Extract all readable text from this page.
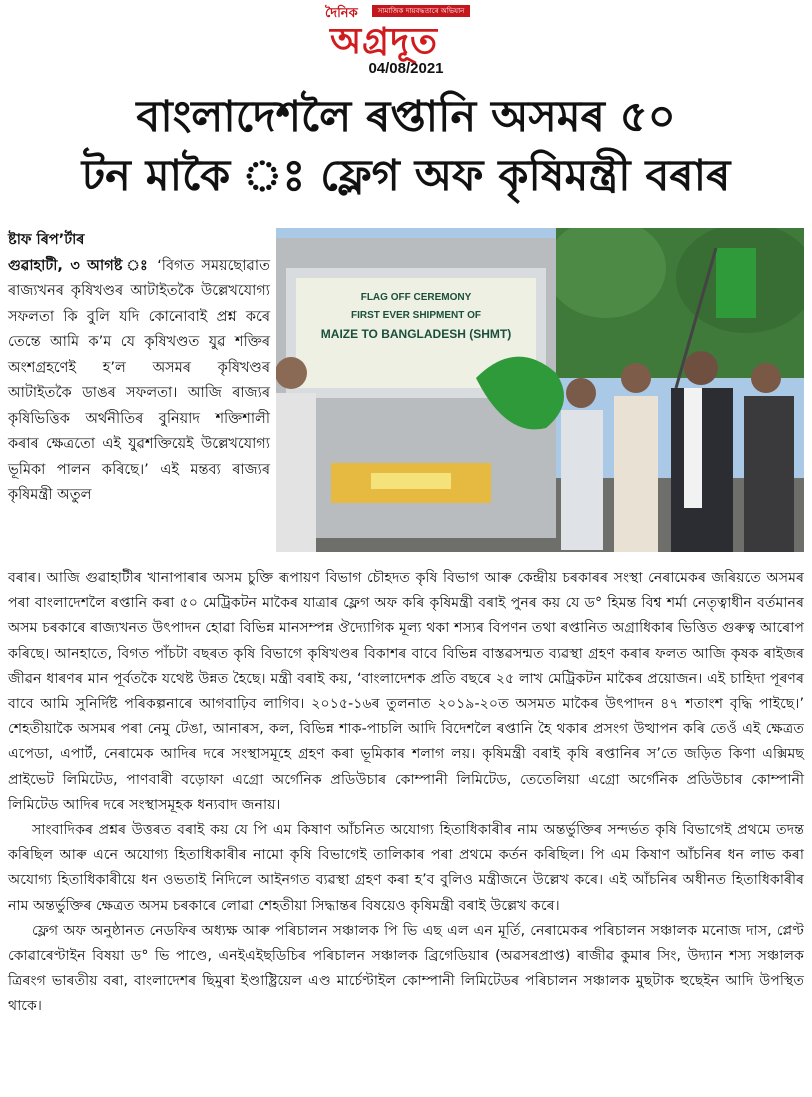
দৈনিক	সামাজিক দায়বদ্ধতাৰে অভিযান
অগ্ৰদূত
04/08/2021
বাংলাদেশলৈ ৰপ্তানি অসমৰ ৫০
টন মাকৈ ঃ ফ্লেগ অফ কৃষিমন্ত্ৰী বৰাৰ
ষ্টাফ ৰিপ’ৰ্টাৰ
গুৱাহাটী, ৩ আগষ্ট ঃ ‘বিগত সময়ছোৱাত ৰাজ্যখনৰ কৃষিখণ্ডৰ আটাইতকৈ উল্লেখযোগ্য সফলতা কি বুলি যদি কোনোবাই প্ৰশ্ন কৰে তেন্তে আমি ক’ম যে কৃষিখণ্ডত যুৱ শক্তিৰ অংশগ্ৰহণেই হ’ল অসমৰ কৃষিখণ্ডৰ আটাইতকৈ ডাঙৰ সফলতা। আজি ৰাজ্যৰ কৃষিভিত্তিক অৰ্থনীতিৰ বুনিয়াদ শক্তিশালী কৰাৰ ক্ষেত্ৰতো এই যুৱশক্তিয়েই উল্লেখযোগ্য ভূমিকা পালন কৰিছে।’ এই মন্তব্য ৰাজ্যৰ কৃষিমন্ত্ৰী অতুল
FLAG OFF CEREMONY
FIRST EVER SHIPMENT OF
MAIZE TO BANGLADESH (SHMT)

বৰাৰ। আজি গুৱাহাটীৰ খানাপাৰাৰ অসম চুক্তি ৰূপায়ণ বিভাগ চৌহদত কৃষি বিভাগ আৰু কেন্দ্ৰীয় চৰকাৰৰ সংস্থা নেৰামেকৰ জৰিয়তে অসমৰ পৰা বাংলাদেশলৈ ৰপ্তানি কৰা ৫০ মেট্ৰিকটন মাকৈৰ যাত্ৰাৰ ফ্লেগ অফ কৰি কৃষিমন্ত্ৰী বৰাই পুনৰ কয় যে ড° হিমন্ত বিশ্ব শৰ্মা নেতৃত্বাধীন বৰ্তমানৰ অসম চৰকাৰে ৰাজ্যখনত উৎপাদন হোৱা বিভিন্ন মানসম্পন্ন ঔদ্যোগিক মূল্য থকা শস্যৰ বিপণন তথা ৰপ্তানিত অগ্ৰাধিকাৰ ভিত্তিত গুৰুত্ব আৰোপ কৰিছে। আনহাতে, বিগত পাঁচটা বছৰত কৃষি বিভাগে কৃষিখণ্ডৰ বিকাশৰ বাবে বিভিন্ন বাস্তৱসন্মত ব্যৱস্থা গ্ৰহণ কৰাৰ ফলত আজি কৃষক ৰাইজৰ জীৱন ধাৰণৰ মান পূৰ্বতকৈ যথেষ্ট উন্নত হৈছে। মন্ত্ৰী বৰাই কয়, ‘বাংলাদেশক প্ৰতি বছৰে ২৫ লাখ মেট্ৰিকটন মাকৈৰ প্ৰয়োজন। এই চাহিদা পূৰণৰ বাবে আমি সুনিৰ্দিষ্ট পৰিকল্পনাৰে আগবাঢ়িব লাগিব। ২০১৫-১৬ৰ তুলনাত ২০১৯-২০ত অসমত মাকৈৰ উৎপাদন ৪৭ শতাংশ বৃদ্ধি পাইছে।’ শেহতীয়াকৈ অসমৰ পৰা নেমু টেঙা, আনাৰস, কল, বিভিন্ন শাক-পাচলি আদি বিদেশলৈ ৰপ্তানি হৈ থকাৰ প্ৰসংগ উত্থাপন কৰি তেওঁ এই ক্ষেত্ৰত এপেডা, এপাৰ্ট, নেৰামেক আদিৰ দৰে সংস্থাসমূহে গ্ৰহণ কৰা ভূমিকাৰ শলাগ লয়। কৃষিমন্ত্ৰী বৰাই কৃষি ৰপ্তানিৰ স’তে জড়িত কিণা এক্সিমছ প্ৰাইভেট লিমিটেড, পাণবাৰী বড়োফা এগ্ৰো অৰ্গেনিক প্ৰডিউচাৰ কোম্পানী লিমিটেড, তেতেলিয়া এগ্ৰো অৰ্গেনিক প্ৰডিউচাৰ কোম্পানী লিমিটেড আদিৰ দৰে সংস্থাসমূহক ধন্যবাদ জনায়।

সাংবাদিকৰ প্ৰশ্নৰ উত্তৰত বৰাই কয় যে পি এম কিষাণ আঁচনিত অযোগ্য হিতাধিকাৰীৰ নাম অন্তৰ্ভুক্তিৰ সন্দৰ্ভত কৃষি বিভাগেই প্ৰথমে তদন্ত কৰিছিল আৰু এনে অযোগ্য হিতাধিকাৰীৰ নামো কৃষি বিভাগেই তালিকাৰ পৰা প্ৰথমে কৰ্তন কৰিছিল। পি এম কিষাণ আঁচনিৰ ধন লাভ কৰা অযোগ্য হিতাধিকাৰীয়ে ধন ওভতাই নিদিলে আইনগত ব্যৱস্থা গ্ৰহণ কৰা হ’ব বুলিও মন্ত্ৰীজনে উল্লেখ কৰে। এই আঁচনিৰ অধীনত হিতাধিকাৰীৰ নাম অন্তৰ্ভুক্তিৰ ক্ষেত্ৰত অসম চৰকাৰে লোৱা শেহতীয়া সিদ্ধান্তৰ বিষয়েও কৃষিমন্ত্ৰী বৰাই উল্লেখ কৰে।

ফ্লেগ অফ অনুষ্ঠানত নেডফিৰ অধ্যক্ষ আৰু পৰিচালন সঞ্চালক পি ভি এছ এল এন মূৰ্তি, নেৰামেকৰ পৰিচালন সঞ্চালক মনোজ দাস, প্লেণ্ট কোৱাৰেণ্টাইন বিষয়া ড° ভি পাণ্ডে, এনইএইছডিচিৰ পৰিচালন সঞ্চালক ব্ৰিগেডিয়াৰ (অৱসৰপ্ৰাপ্ত) ৰাজীৱ কুমাৰ সিং, উদ্যান শস্য সঞ্চালক ত্ৰিৰংগ ভাৰতীয় বৰা, বাংলাদেশৰ ছিমুৰা ইণ্ডাষ্ট্ৰিয়েল এণ্ড মাৰ্চেণ্টাইল কোম্পানী লিমিটেডৰ পৰিচালন সঞ্চালক মুছটাক হুছেইন আদি উপস্থিত থাকে।
